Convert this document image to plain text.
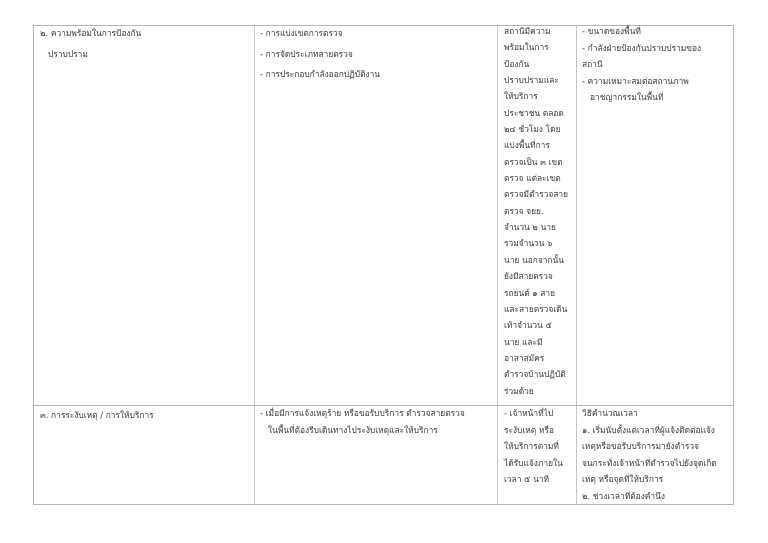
๒. ความพร้อมในการป้องกัน
ปราบปราม
- การแบ่งเขตการตรวจ
- การจัดประเภทสายตรวจ
- การประกอบกำลังออกปฏิบัติงาน
สถานีมีความ
พร้อมในการ
ป้องกัน
ปราบปรามและ
ให้บริการ
ประชาชน ตลอด
๒๔ ชั่วโมง โดย
แบ่งพื้นที่การ
ตรวจเป็น ๓ เขต
ตรวจ แต่ละเขต
ตรวจมีตำรวจสาย
ตรวจ จยย.
จำนวน ๒ นาย
รวมจำนวน ๖
นาย นอกจากนั้น
ยังมีสายตรวจ
รถยนต์ ๑ สาย
และสายตรวจเดิน
เท้าจำนวน ๕
นาย และมี
อาสาสมัคร
ตำรวจบ้านปฏิบัติ
ร่วมด้วย
- ขนาดของพื้นที่
- กำลังฝ่ายป้องกันปราบปรามของ
สถานี
- ความเหมาะสมต่อสถานภาพ
อาชญากรรมในพื้นที่
๓. การระงับเหตุ / การให้บริการ	- เมื่อมีการแจ้งเหตุร้าย หรือขอรับบริการ ตำรวจสายตรวจ
ในพื้นที่ต้องรีบเดินทางไประงับเหตุและให้บริการ
- เจ้าหน้าที่ไป
ระงับเหตุ หรือ
ให้บริการตามที่
ได้รับแจ้งภายใน
เวลา ๕ นาที
วิธีคำนวณเวลา
๑. เริ่มนับตั้งแต่เวลาที่ผู้แจ้งติดต่อแจ้ง
เหตุหรือขอรับบริการมายังตำรวจ
จนกระทั่งเจ้าหน้าที่ตำรวจไปยังจุดเกิด
เหตุ หรือจุดที่ให้บริการ
๒. ช่วงเวลาที่ต้องคำนึง
